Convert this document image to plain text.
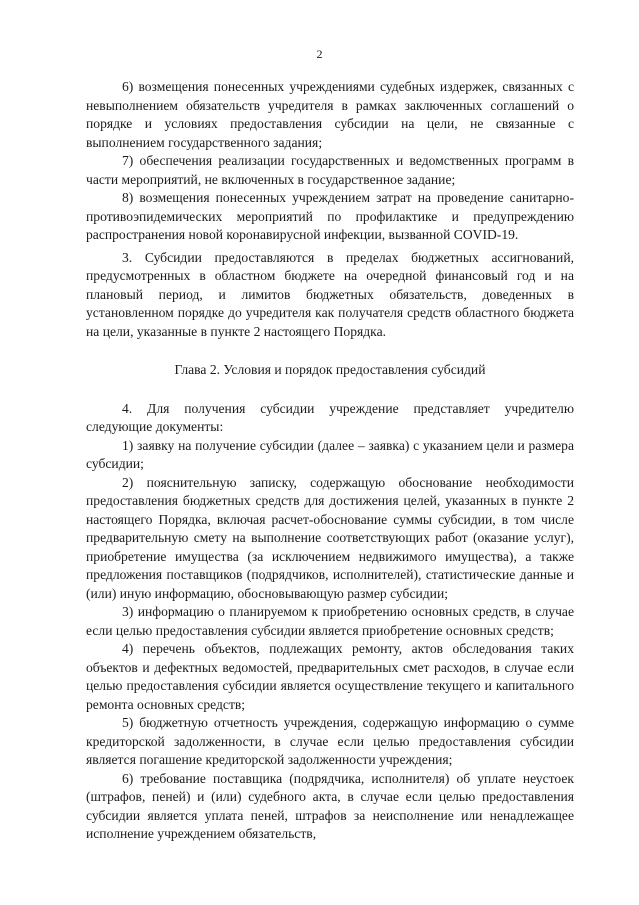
2

6) возмещения понесенных учреждениями судебных издержек, связанных с невыполнением обязательств учредителя в рамках заключенных соглашений о порядке и условиях предоставления субсидии на цели, не связанные с выполнением государственного задания;

7) обеспечения реализации государственных и ведомственных программ в части мероприятий, не включенных в государственное задание;

8) возмещения понесенных учреждением затрат на проведение санитарно-противоэпидемических мероприятий по профилактике и предупреждению распространения новой коронавирусной инфекции, вызванной COVID-19.

3. Субсидии предоставляются в пределах бюджетных ассигнований, предусмотренных в областном бюджете на очередной финансовый год и на плановый период, и лимитов бюджетных обязательств, доведенных в установленном порядке до учредителя как получателя средств областного бюджета на цели, указанные в пункте 2 настоящего Порядка.

Глава 2. Условия и порядок предоставления субсидий

4. Для получения субсидии учреждение представляет учредителю следующие документы:

1) заявку на получение субсидии (далее – заявка) с указанием цели и размера субсидии;

2) пояснительную записку, содержащую обоснование необходимости предоставления бюджетных средств для достижения целей, указанных в пункте 2 настоящего Порядка, включая расчет-обоснование суммы субсидии, в том числе предварительную смету на выполнение соответствующих работ (оказание услуг), приобретение имущества (за исключением недвижимого имущества), а также предложения поставщиков (подрядчиков, исполнителей), статистические данные и (или) иную информацию, обосновывающую размер субсидии;

3) информацию о планируемом к приобретению основных средств, в случае если целью предоставления субсидии является приобретение основных средств;

4) перечень объектов, подлежащих ремонту, актов обследования таких объектов и дефектных ведомостей, предварительных смет расходов, в случае если целью предоставления субсидии является осуществление текущего и капитального ремонта основных средств;

5) бюджетную отчетность учреждения, содержащую информацию о сумме кредиторской задолженности, в случае если целью предоставления субсидии является погашение кредиторской задолженности учреждения;

6) требование поставщика (подрядчика, исполнителя) об уплате неустоек (штрафов, пеней) и (или) судебного акта, в случае если целью предоставления субсидии является уплата пеней, штрафов за неисполнение или ненадлежащее исполнение учреждением обязательств,
